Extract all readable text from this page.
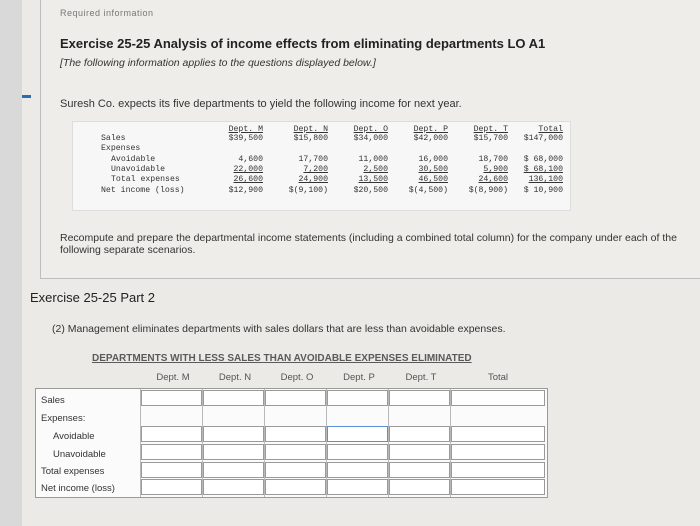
Required information
Exercise 25-25 Analysis of income effects from eliminating departments LO A1
[The following information applies to the questions displayed below.]
Suresh Co. expects its five departments to yield the following income for next year.
Dept. M	Dept. N	Dept. O	Dept. P	Dept. T	Total
Sales	$39,500	$15,800	$34,000	$42,000	$15,700	$147,000
Expenses
Avoidable	4,600	17,700	11,000	16,000	18,700	$ 68,000
Unavoidable	22,000	7,200	2,500	30,500	5,900	$ 68,100
Total expenses	26,600	24,900	13,500	46,500	24,600	136,100
Net income (loss)	$12,900	$(9,100)	$20,500	$(4,500)	$(8,900)	$ 10,900
Recompute and prepare the departmental income statements (including a combined total column) for the company under each of the following separate scenarios.
Exercise 25-25 Part 2
(2) Management eliminates departments with sales dollars that are less than avoidable expenses.
DEPARTMENTS WITH LESS SALES THAN AVOIDABLE EXPENSES ELIMINATED
Dept. M	Dept. N	Dept. O	Dept. P	Dept. T	Total
Sales
Expenses:
Avoidable
Unavoidable
Total expenses
Net income (loss)
